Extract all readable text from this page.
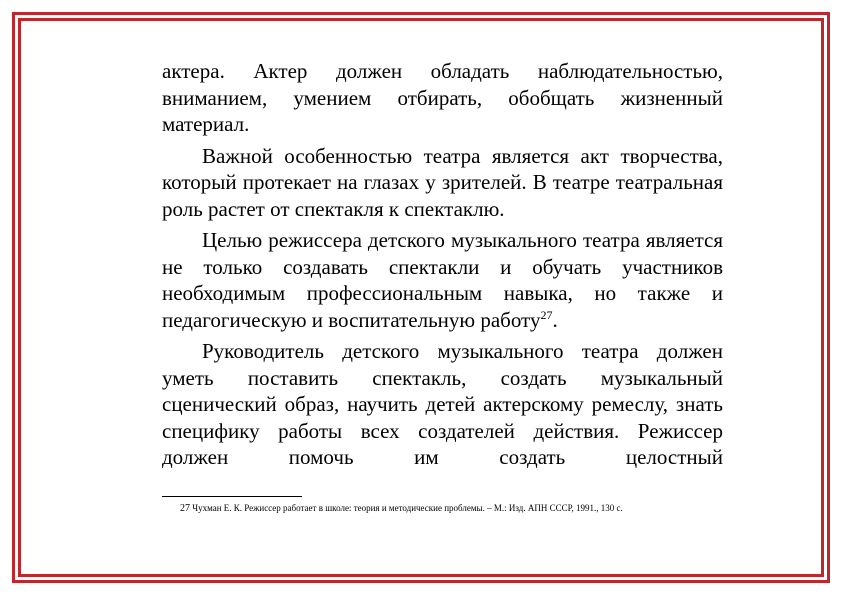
актера. Актер должен обладать наблюдательностью, вниманием, умением отбирать, обобщать жизненный материал.

Важной особенностью театра является акт творчества, который протекает на глазах у зрителей. В театре театральная роль растет от спектакля к спектаклю.

Целью режиссера детского музыкального театра является не только создавать спектакли и обучать участников необходимым профессиональным навыка, но также и педагогическую и воспитательную работу$^{27}$.

Руководитель детского музыкального театра должен уметь поставить спектакль, создать музыкальный сценический образ, научить детей актерскому ремеслу, знать специфику работы всех создателей действия. Режиссер должен помочь им создать целостный

27 Чухман Е. К. Режиссер работает в школе: теория и методические проблемы. – М.: Изд. АПН СССР, 1991., 130 с.
